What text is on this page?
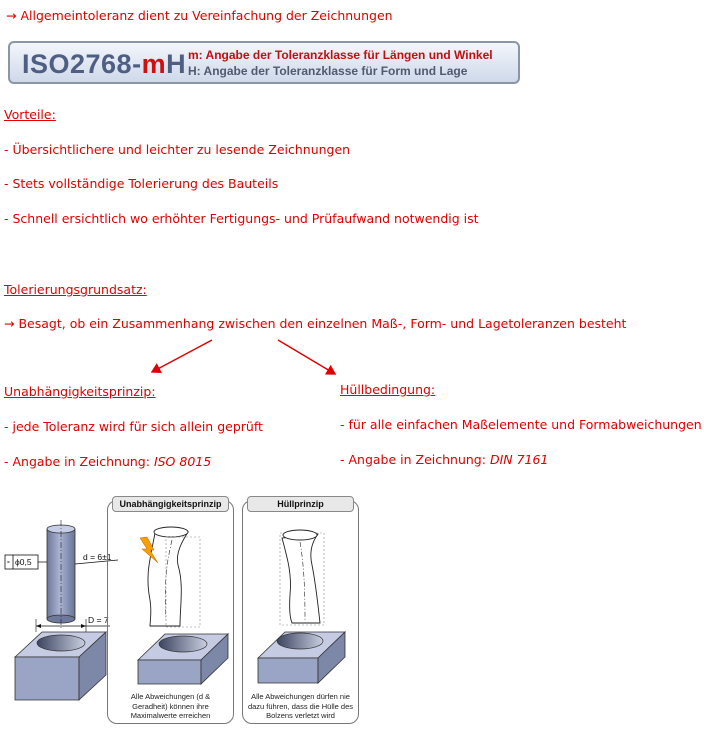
→ Allgemeintoleranz dient zu Vereinfachung der Zeichnungen
ISO2768-mH m: Angabe der Toleranzklasse für Längen und Winkel
H: Angabe der Toleranzklasse für Form und Lage
Vorteile:
- Übersichtlichere und leichter zu lesende Zeichnungen
- Stets vollständige Tolerierung des Bauteils
- Schnell ersichtlich wo erhöhter Fertigungs- und Prüfaufwand notwendig ist
Tolerierungsgrundsatz:
→ Besagt, ob ein Zusammenhang zwischen den einzelnen Maß-, Form- und Lagetoleranzen besteht
Unabhängigkeitsprinzip:
- jede Toleranz wird für sich allein geprüft
- Angabe in Zeichnung: ISO 8015
Hüllbedingung:
- für alle einfachen Maßelemente und Formabweichungen
- Angabe in Zeichnung: DIN 7161
- ϕ0,5	d = 6±1
D = 7
Unabhängigkeitsprinzip
Alle Abweichungen (d &
Geradheit) können ihre
Maximalwerte erreichen
Hüllprinzip
Alle Abweichungen dürfen nie
dazu führen, dass die Hülle des
Bolzens verletzt wird
